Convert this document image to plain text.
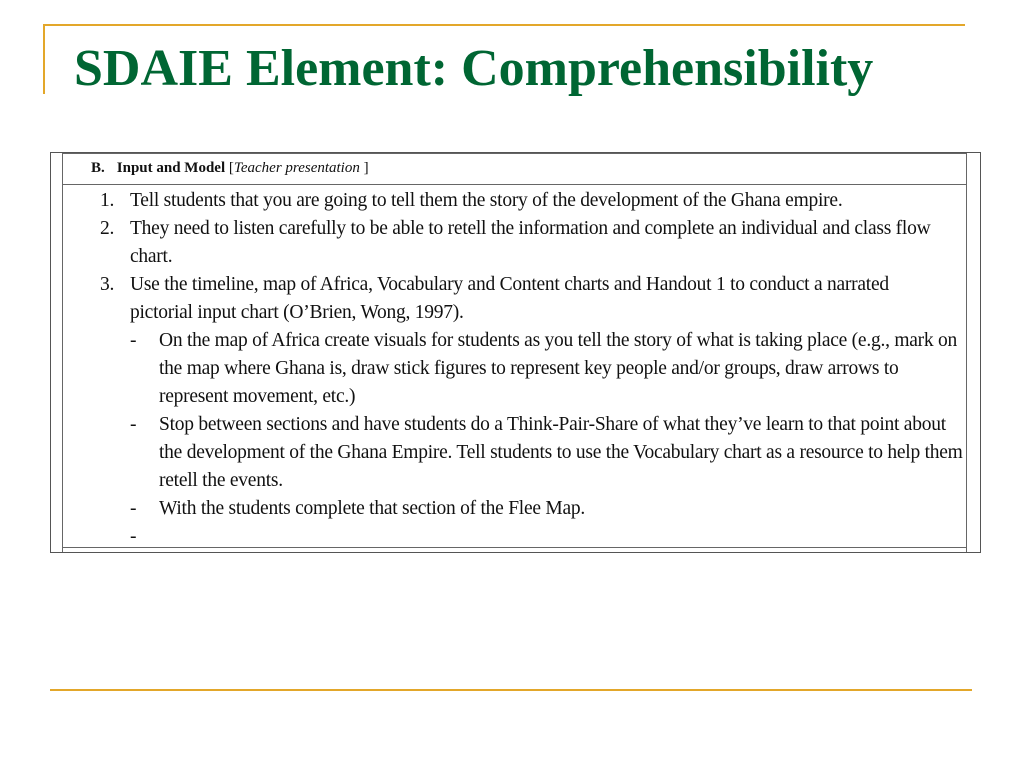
SDAIE Element: Comprehensibility
B. Input and Model [Teacher presentation ]
1. Tell students that you are going to tell them the story of the development of the Ghana empire.
2. They need to listen carefully to be able to retell the information and complete an individual and class flow chart.
3. Use the timeline, map of Africa, Vocabulary and Content charts and Handout 1 to conduct a narrated pictorial input chart (O’Brien, Wong, 1997).
- On the map of Africa create visuals for students as you tell the story of what is taking place (e.g., mark on the map where Ghana is, draw stick figures to represent key people and/or groups, draw arrows to represent movement, etc.)
- Stop between sections and have students do a Think-Pair-Share of what they’ve learn to that point about the development of the Ghana Empire. Tell students to use the Vocabulary chart as a resource to help them retell the events.
- With the students complete that section of the Flee Map.
-
